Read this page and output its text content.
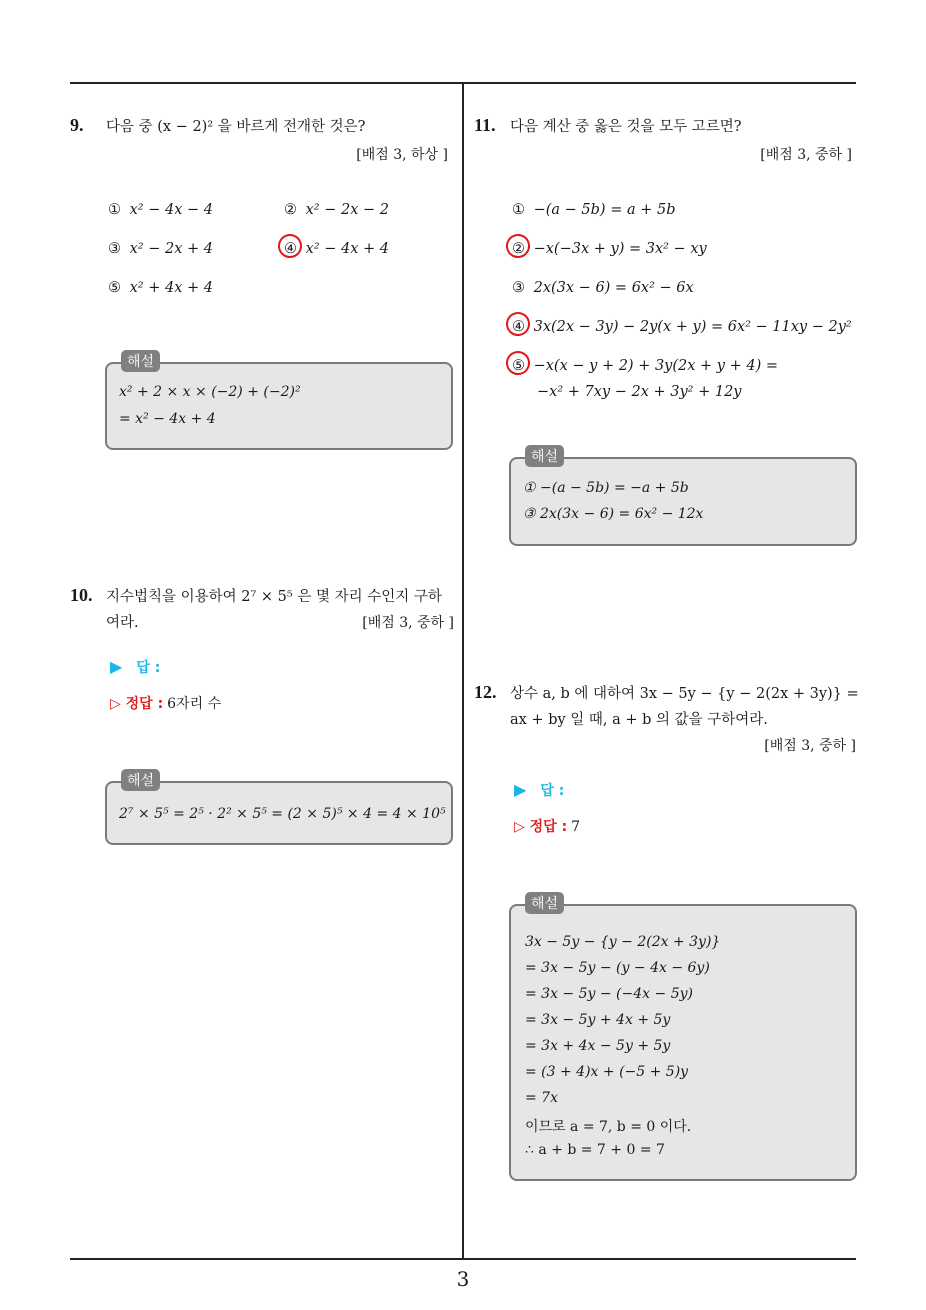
3
9. 다음 중 (x − 2)² 을 바르게 전개한 것은?
[배점 3, 하상 ]
① x² − 4x − 4	② x² − 2x − 2
③ x² − 2x + 4	④ x² − 4x + 4
⑤ x² + 4x + 4
해설
x² + 2 × x × (−2) + (−2)²
= x² − 4x + 4
10. 지수법칙을 이용하여 2⁷ × 5⁵ 은 몇 자리 수인지 구하
여라.	[배점 3, 중하 ]
▶ 답 :
▷ 정답 : 6자리 수
해설
2⁷ × 5⁵ = 2⁵ · 2² × 5⁵ = (2 × 5)⁵ × 4 = 4 × 10⁵
11. 다음 계산 중 옳은 것을 모두 고르면?
[배점 3, 중하 ]
① −(a − 5b) = a + 5b
② −x(−3x + y) = 3x² − xy
③ 2x(3x − 6) = 6x² − 6x
④ 3x(2x − 3y) − 2y(x + y) = 6x² − 11xy − 2y²
⑤ −x(x − y + 2) + 3y(2x + y + 4) =
−x² + 7xy − 2x + 3y² + 12y
해설
① −(a − 5b) = −a + 5b
③ 2x(3x − 6) = 6x² − 12x
12. 상수 a, b 에 대하여 3x − 5y − {y − 2(2x + 3y)} =
ax + by 일 때, a + b 의 값을 구하여라.
[배점 3, 중하 ]
▶ 답 :
▷ 정답 : 7
해설
3x − 5y − {y − 2(2x + 3y)}
= 3x − 5y − (y − 4x − 6y)
= 3x − 5y − (−4x − 5y)
= 3x − 5y + 4x + 5y
= 3x + 4x − 5y + 5y
= (3 + 4)x + (−5 + 5)y
= 7x
이므로 a = 7, b = 0 이다.
∴ a + b = 7 + 0 = 7
